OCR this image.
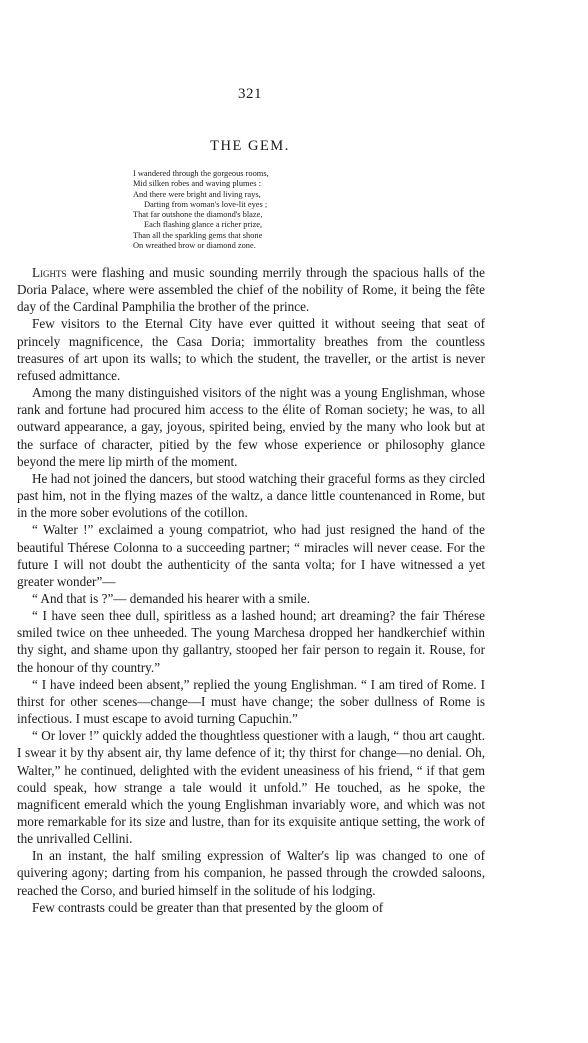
321
THE GEM.
I wandered through the gorgeous rooms,
Mid silken robes and waving plumes :
And there were bright and living rays,
Darting from woman's love-lit eyes ;
That far outshone the diamond's blaze,
Each flashing glance a richer prize,
Than all the sparkling gems that shone
On wreathed brow or diamond zone.

Lights were flashing and music sounding merrily through the spacious halls of the Doria Palace, where were assembled the chief of the nobility of Rome, it being the fête day of the Cardinal Pamphilia the brother of the prince.

Few visitors to the Eternal City have ever quitted it without seeing that seat of princely magnificence, the Casa Doria; immortality breathes from the countless treasures of art upon its walls; to which the student, the traveller, or the artist is never refused admittance.

Among the many distinguished visitors of the night was a young Englishman, whose rank and fortune had procured him access to the élite of Roman society; he was, to all outward appearance, a gay, joyous, spirited being, envied by the many who look but at the surface of character, pitied by the few whose experience or philosophy glance beyond the mere lip mirth of the moment.

He had not joined the dancers, but stood watching their graceful forms as they circled past him, not in the flying mazes of the waltz, a dance little countenanced in Rome, but in the more sober evolutions of the cotillon.

“ Walter !” exclaimed a young compatriot, who had just resigned the hand of the beautiful Thérese Colonna to a succeeding partner; “ miracles will never cease. For the future I will not doubt the authenticity of the santa volta; for I have witnessed a yet greater wonder”—

“ And that is ?”— demanded his hearer with a smile.

“ I have seen thee dull, spiritless as a lashed hound; art dreaming? the fair Thérese smiled twice on thee unheeded. The young Marchesa dropped her handkerchief within thy sight, and shame upon thy gallantry, stooped her fair person to regain it. Rouse, for the honour of thy country.”

“ I have indeed been absent,” replied the young Englishman. “ I am tired of Rome. I thirst for other scenes—change—I must have change; the sober dullness of Rome is infectious. I must escape to avoid turning Capuchin.”

“ Or lover !” quickly added the thoughtless questioner with a laugh, “ thou art caught. I swear it by thy absent air, thy lame defence of it; thy thirst for change—no denial. Oh, Walter,” he continued, delighted with the evident uneasiness of his friend, “ if that gem could speak, how strange a tale would it unfold.” He touched, as he spoke, the magnificent emerald which the young Englishman invariably wore, and which was not more remarkable for its size and lustre, than for its exquisite antique setting, the work of the unrivalled Cellini.

In an instant, the half smiling expression of Walter's lip was changed to one of quivering agony; darting from his companion, he passed through the crowded saloons, reached the Corso, and buried himself in the solitude of his lodging.

Few contrasts could be greater than that presented by the gloom of
